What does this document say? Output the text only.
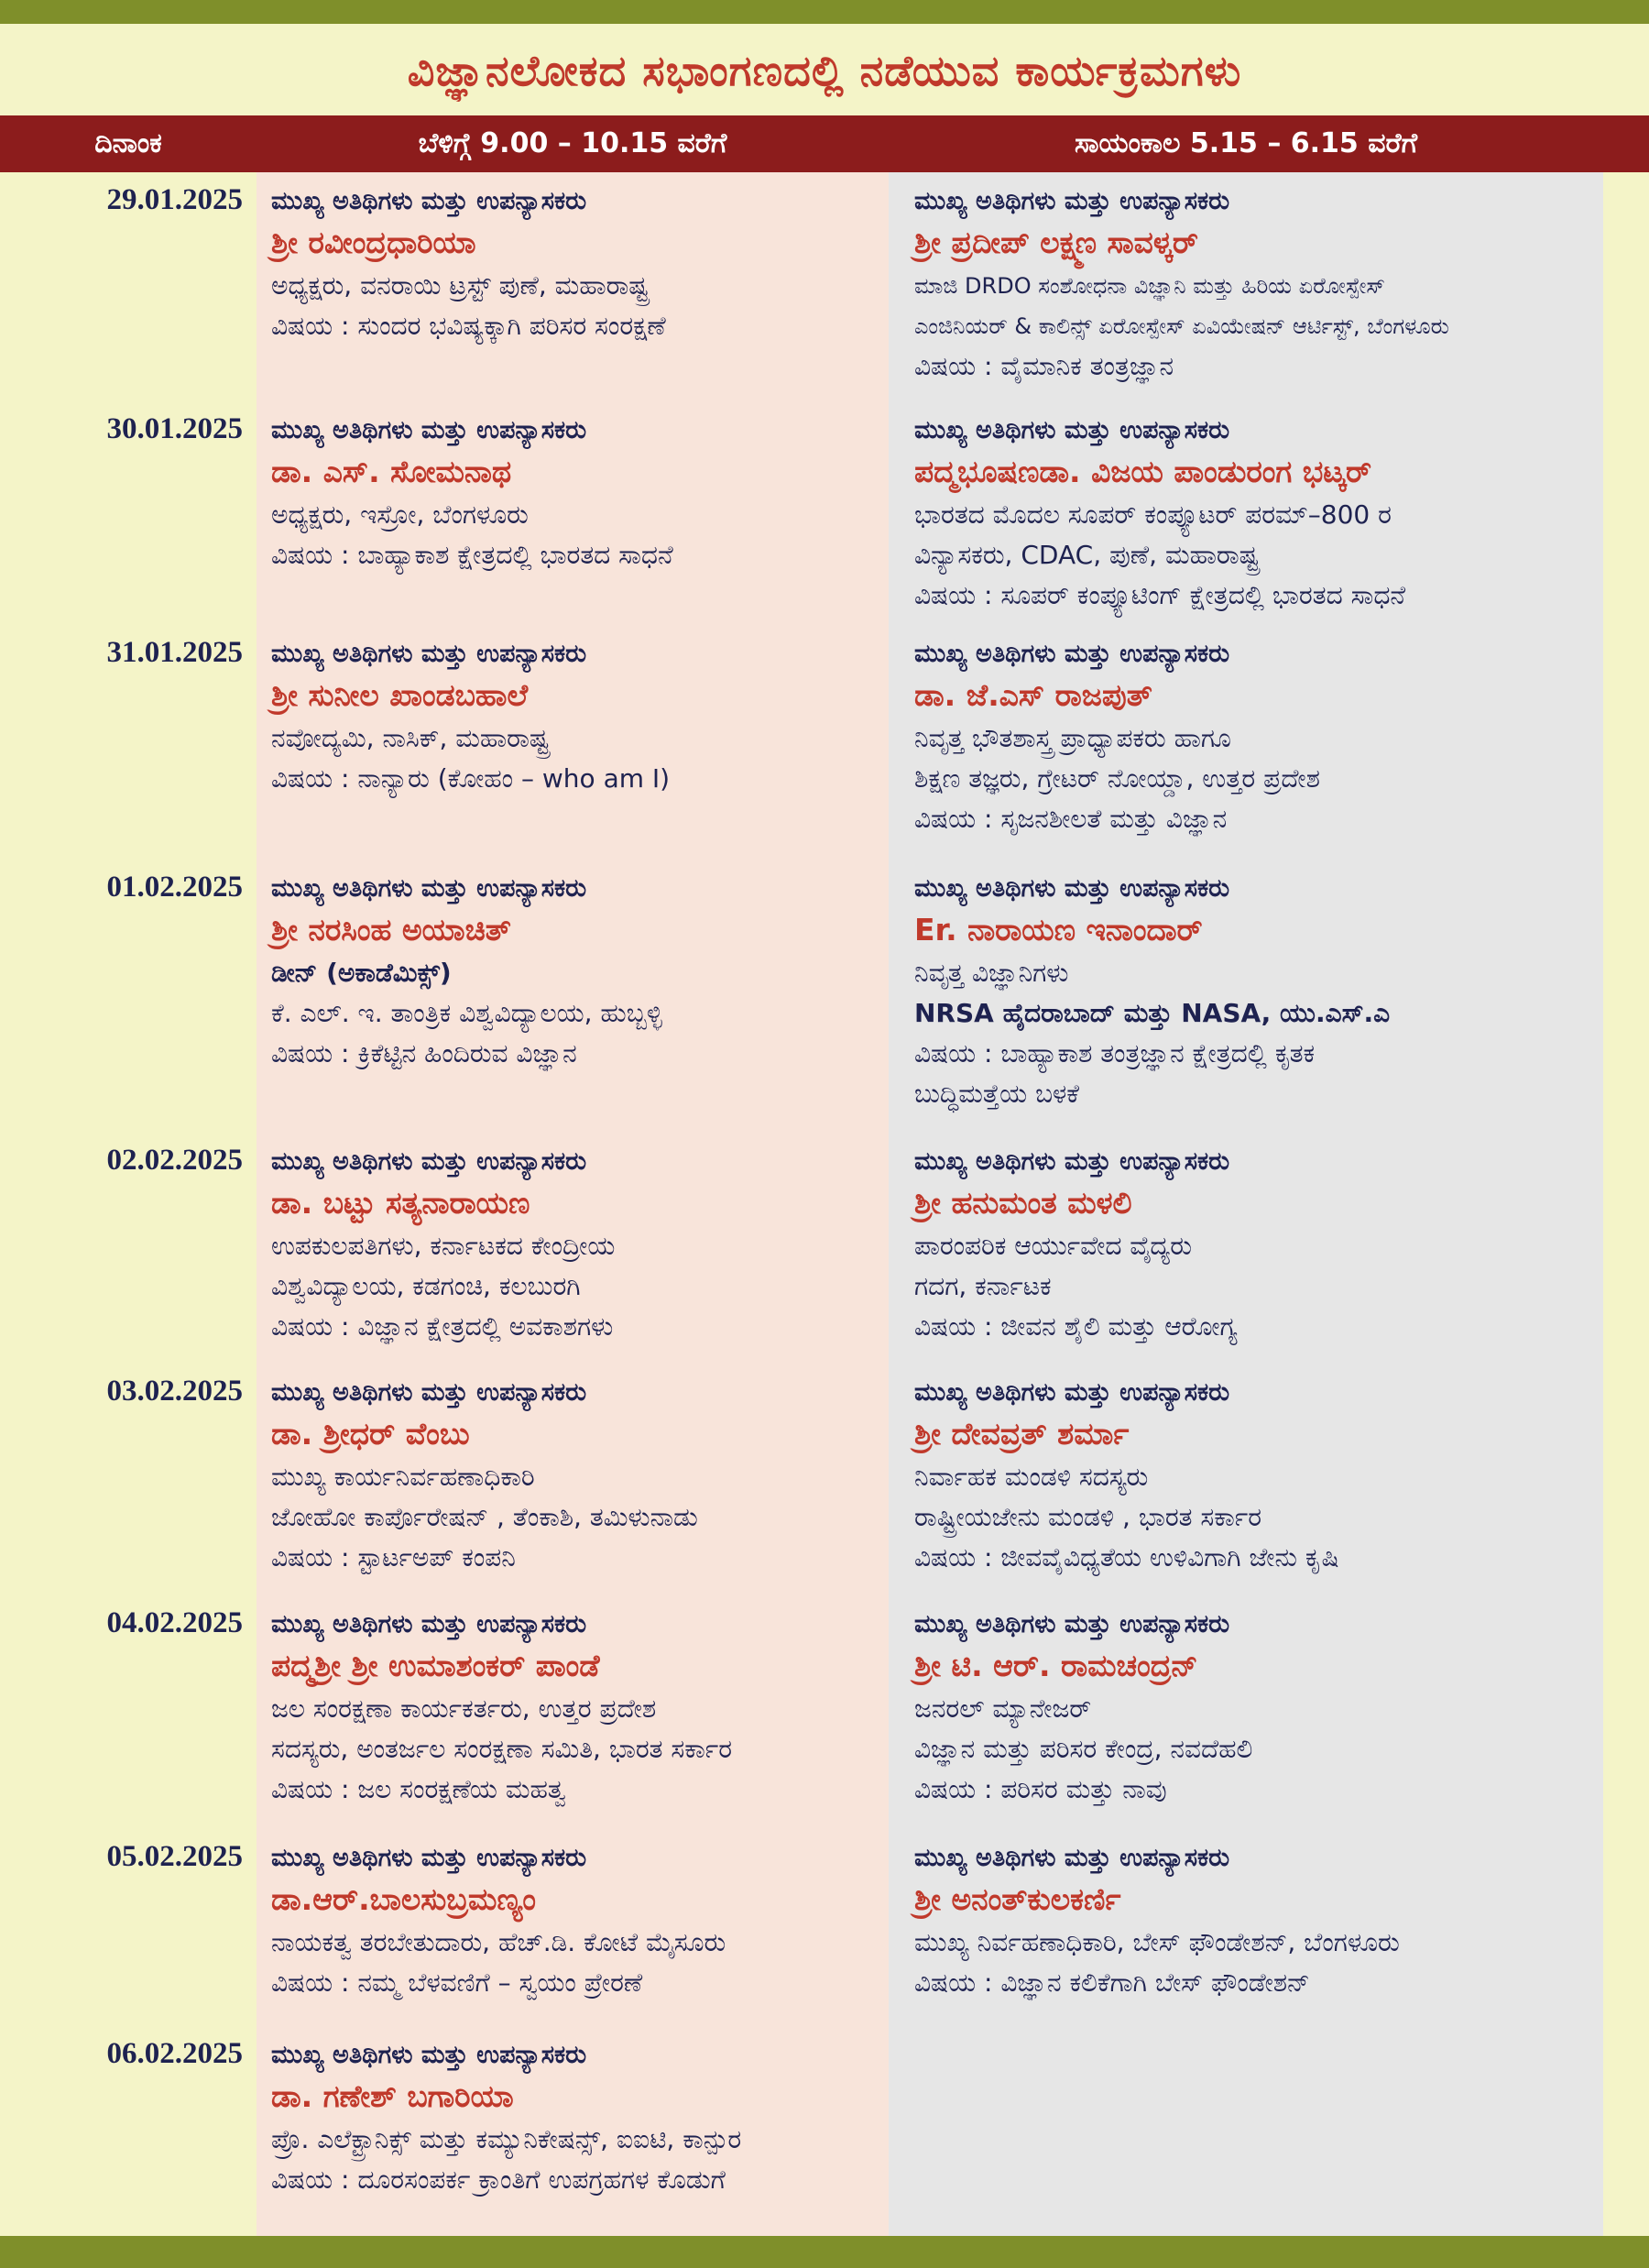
ವಿಜ್ಞಾನಲೋಕದ ಸಭಾಂಗಣದಲ್ಲಿ ನಡೆಯುವ ಕಾರ್ಯಕ್ರಮಗಳು
ದಿನಾಂಕ	ಬೆಳಿಗ್ಗೆ 9.00 – 10.15 ವರೆಗೆ	ಸಾಯಂಕಾಲ 5.15 – 6.15 ವರೆಗೆ
29.01.2025 ಮುಖ್ಯ ಅತಿಥಿಗಳು ಮತ್ತು ಉಪನ್ಯಾಸಕರು
ಶ್ರೀ ರವೀಂದ್ರಧಾರಿಯಾ
ಅಧ್ಯಕ್ಷರು, ವನರಾಯಿ ಟ್ರಸ್ಟ್ ಪುಣೆ, ಮಹಾರಾಷ್ಟ್ರ
ವಿಷಯ : ಸುಂದರ ಭವಿಷ್ಯಕ್ಕಾಗಿ ಪರಿಸರ ಸಂರಕ್ಷಣೆ
ಮುಖ್ಯ ಅತಿಥಿಗಳು ಮತ್ತು ಉಪನ್ಯಾಸಕರು
ಶ್ರೀ ಪ್ರದೀಪ್ ಲಕ್ಷ್ಮಣ ಸಾವಳ್ಕರ್
ಮಾಜಿ DRDO ಸಂಶೋಧನಾ ವಿಜ್ಞಾನಿ ಮತ್ತು ಹಿರಿಯ ಏರೋಸ್ಪೇಸ್
ಎಂಜಿನಿಯರ್ & ಕಾಲಿನ್ಸ್ ಏರೋಸ್ಪೇಸ್ ಏವಿಯೇಷನ್ ಆರ್ಟಿಸ್ಟ್, ಬೆಂಗಳೂರು
ವಿಷಯ : ವೈಮಾನಿಕ ತಂತ್ರಜ್ಞಾನ
30.01.2025 ಮುಖ್ಯ ಅತಿಥಿಗಳು ಮತ್ತು ಉಪನ್ಯಾಸಕರು
ಡಾ. ಎಸ್. ಸೋಮನಾಥ
ಅಧ್ಯಕ್ಷರು, ಇಸ್ರೋ, ಬೆಂಗಳೂರು
ವಿಷಯ : ಬಾಹ್ಯಾಕಾಶ ಕ್ಷೇತ್ರದಲ್ಲಿ ಭಾರತದ ಸಾಧನೆ
ಮುಖ್ಯ ಅತಿಥಿಗಳು ಮತ್ತು ಉಪನ್ಯಾಸಕರು
ಪದ್ಮಭೂಷಣಡಾ. ವಿಜಯ ಪಾಂಡುರಂಗ ಭಟ್ಕರ್
ಭಾರತದ ಮೊದಲ ಸೂಪರ್ ಕಂಪ್ಯೂಟರ್ ಪರಮ್–800 ರ
ವಿನ್ಯಾಸಕರು, CDAC, ಪುಣೆ, ಮಹಾರಾಷ್ಟ್ರ
ವಿಷಯ : ಸೂಪರ್ ಕಂಪ್ಯೂಟಿಂಗ್ ಕ್ಷೇತ್ರದಲ್ಲಿ ಭಾರತದ ಸಾಧನೆ
31.01.2025 ಮುಖ್ಯ ಅತಿಥಿಗಳು ಮತ್ತು ಉಪನ್ಯಾಸಕರು
ಶ್ರೀ ಸುನೀಲ ಖಾಂಡಬಹಾಲೆ
ನವೋದ್ಯಮಿ, ನಾಸಿಕ್, ಮಹಾರಾಷ್ಟ್ರ
ವಿಷಯ : ನಾನ್ಯಾರು (ಕೋಹಂ – who am I)
ಮುಖ್ಯ ಅತಿಥಿಗಳು ಮತ್ತು ಉಪನ್ಯಾಸಕರು
ಡಾ. ಜೆ.ಎಸ್ ರಾಜಪುತ್
ನಿವೃತ್ತ ಭೌತಶಾಸ್ತ್ರ ಪ್ರಾಧ್ಯಾಪಕರು ಹಾಗೂ
ಶಿಕ್ಷಣ ತಜ್ಞರು, ಗ್ರೇಟರ್ ನೋಯ್ಡಾ, ಉತ್ತರ ಪ್ರದೇಶ
ವಿಷಯ : ಸೃಜನಶೀಲತೆ ಮತ್ತು ವಿಜ್ಞಾನ
01.02.2025 ಮುಖ್ಯ ಅತಿಥಿಗಳು ಮತ್ತು ಉಪನ್ಯಾಸಕರು
ಶ್ರೀ ನರಸಿಂಹ ಅಯಾಚಿತ್
ಡೀನ್ (ಅಕಾಡೆಮಿಕ್ಸ್)
ಕೆ. ಎಲ್. ಇ. ತಾಂತ್ರಿಕ ವಿಶ್ವವಿದ್ಯಾಲಯ, ಹುಬ್ಬಳ್ಳಿ
ವಿಷಯ : ಕ್ರಿಕೆಟ್ಟಿನ ಹಿಂದಿರುವ ವಿಜ್ಞಾನ
ಮುಖ್ಯ ಅತಿಥಿಗಳು ಮತ್ತು ಉಪನ್ಯಾಸಕರು
Er. ನಾರಾಯಣ ಇನಾಂದಾರ್
ನಿವೃತ್ತ ವಿಜ್ಞಾನಿಗಳು
NRSA ಹೈದರಾಬಾದ್ ಮತ್ತು NASA, ಯು.ಎಸ್.ಎ
ವಿಷಯ : ಬಾಹ್ಯಾಕಾಶ ತಂತ್ರಜ್ಞಾನ ಕ್ಷೇತ್ರದಲ್ಲಿ ಕೃತಕ
ಬುದ್ಧಿಮತ್ತೆಯ ಬಳಕೆ
02.02.2025 ಮುಖ್ಯ ಅತಿಥಿಗಳು ಮತ್ತು ಉಪನ್ಯಾಸಕರು
ಡಾ. ಬಟ್ಟು ಸತ್ಯನಾರಾಯಣ
ಉಪಕುಲಪತಿಗಳು, ಕರ್ನಾಟಕದ ಕೇಂದ್ರೀಯ
ವಿಶ್ವವಿದ್ಯಾಲಯ, ಕಡಗಂಚಿ, ಕಲಬುರಗಿ
ವಿಷಯ : ವಿಜ್ಞಾನ ಕ್ಷೇತ್ರದಲ್ಲಿ ಅವಕಾಶಗಳು
ಮುಖ್ಯ ಅತಿಥಿಗಳು ಮತ್ತು ಉಪನ್ಯಾಸಕರು
ಶ್ರೀ ಹನುಮಂತ ಮಳಲಿ
ಪಾರಂಪರಿಕ ಆರ್ಯುವೇದ ವೈದ್ಯರು
ಗದಗ, ಕರ್ನಾಟಕ
ವಿಷಯ : ಜೀವನ ಶೈಲಿ ಮತ್ತು ಆರೋಗ್ಯ
03.02.2025 ಮುಖ್ಯ ಅತಿಥಿಗಳು ಮತ್ತು ಉಪನ್ಯಾಸಕರು
ಡಾ. ಶ್ರೀಧರ್ ವೆಂಬು
ಮುಖ್ಯ ಕಾರ್ಯನಿರ್ವಹಣಾಧಿಕಾರಿ
ಜೋಹೋ ಕಾರ್ಪೊರೇಷನ್ , ತೆಂಕಾಶಿ, ತಮಿಳುನಾಡು
ವಿಷಯ : ಸ್ಟಾರ್ಟಅಪ್ ಕಂಪನಿ
ಮುಖ್ಯ ಅತಿಥಿಗಳು ಮತ್ತು ಉಪನ್ಯಾಸಕರು
ಶ್ರೀ ದೇವವ್ರತ್ ಶರ್ಮಾ
ನಿರ್ವಾಹಕ ಮಂಡಳಿ ಸದಸ್ಯರು
ರಾಷ್ಟ್ರೀಯಜೇನು ಮಂಡಳಿ , ಭಾರತ ಸರ್ಕಾರ
ವಿಷಯ : ಜೀವವೈವಿಧ್ಯತೆಯ ಉಳಿವಿಗಾಗಿ ಜೇನು ಕೃಷಿ
04.02.2025 ಮುಖ್ಯ ಅತಿಥಿಗಳು ಮತ್ತು ಉಪನ್ಯಾಸಕರು
ಪದ್ಮಶ್ರೀ ಶ್ರೀ ಉಮಾಶಂಕರ್ ಪಾಂಡೆ
ಜಲ ಸಂರಕ್ಷಣಾ ಕಾರ್ಯಕರ್ತರು, ಉತ್ತರ ಪ್ರದೇಶ
ಸದಸ್ಯರು, ಅಂತರ್ಜಲ ಸಂರಕ್ಷಣಾ ಸಮಿತಿ, ಭಾರತ ಸರ್ಕಾರ
ವಿಷಯ : ಜಲ ಸಂರಕ್ಷಣೆಯ ಮಹತ್ವ
ಮುಖ್ಯ ಅತಿಥಿಗಳು ಮತ್ತು ಉಪನ್ಯಾಸಕರು
ಶ್ರೀ ಟಿ. ಆರ್. ರಾಮಚಂದ್ರನ್
ಜನರಲ್ ಮ್ಯಾನೇಜರ್
ವಿಜ್ಞಾನ ಮತ್ತು ಪರಿಸರ ಕೇಂದ್ರ, ನವದೆಹಲಿ
ವಿಷಯ : ಪರಿಸರ ಮತ್ತು ನಾವು
05.02.2025 ಮುಖ್ಯ ಅತಿಥಿಗಳು ಮತ್ತು ಉಪನ್ಯಾಸಕರು
ಡಾ.ಆರ್.ಬಾಲಸುಬ್ರಮಣ್ಯಂ
ನಾಯಕತ್ವ ತರಬೇತುದಾರು, ಹೆಚ್.ಡಿ. ಕೋಟೆ ಮೈಸೂರು
ವಿಷಯ : ನಮ್ಮ ಬೆಳವಣಿಗೆ – ಸ್ವಯಂ ಪ್ರೇರಣೆ
ಮುಖ್ಯ ಅತಿಥಿಗಳು ಮತ್ತು ಉಪನ್ಯಾಸಕರು
ಶ್ರೀ ಅನಂತ್‌ಕುಲಕರ್ಣಿ
ಮುಖ್ಯ ನಿರ್ವಹಣಾಧಿಕಾರಿ, ಬೇಸ್ ಫೌಂಡೇಶನ್, ಬೆಂಗಳೂರು
ವಿಷಯ : ವಿಜ್ಞಾನ ಕಲಿಕೆಗಾಗಿ ಬೇಸ್ ಫೌಂಡೇಶನ್
06.02.2025 ಮುಖ್ಯ ಅತಿಥಿಗಳು ಮತ್ತು ಉಪನ್ಯಾಸಕರು
ಡಾ. ಗಣೇಶ್ ಬಗಾರಿಯಾ
ಪ್ರೊ. ಎಲೆಕ್ಟ್ರಾನಿಕ್ಸ್ ಮತ್ತು ಕಮ್ಯುನಿಕೇಷನ್ಸ್, ಐಐಟಿ, ಕಾನ್ಪುರ
ವಿಷಯ : ದೂರಸಂಪರ್ಕ ಕ್ರಾಂತಿಗೆ ಉಪಗ್ರಹಗಳ ಕೊಡುಗೆ
